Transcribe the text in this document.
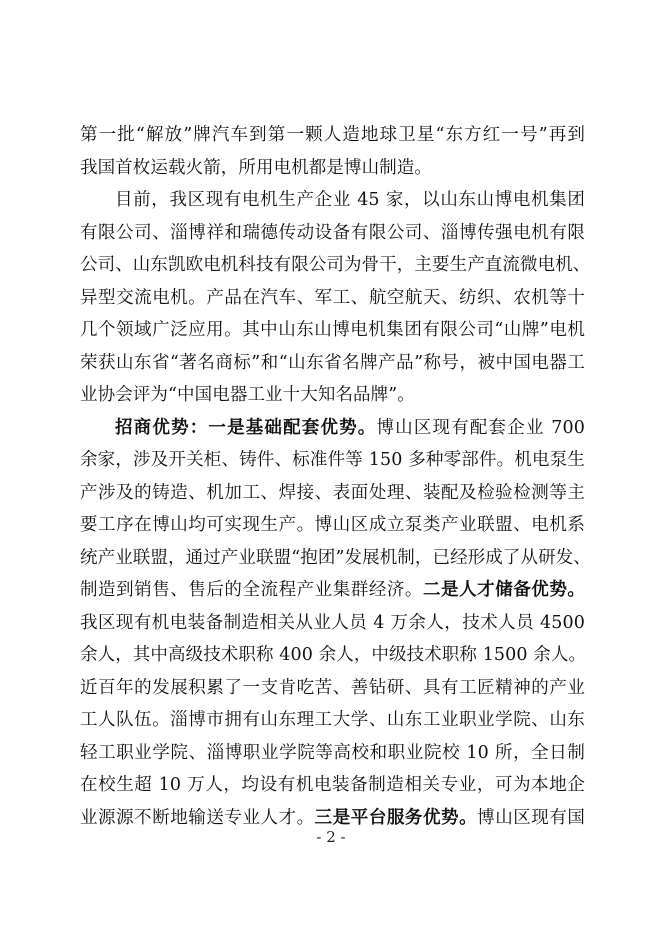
第一批“解放”牌汽车到第一颗人造地球卫星“东方红一号”再到
我国首枚运载火箭，所用电机都是博山制造。
目前，我区现有电机生产企业 45 家，以山东山博电机集团
有限公司、淄博祥和瑞德传动设备有限公司、淄博传强电机有限
公司、山东凯欧电机科技有限公司为骨干，主要生产直流微电机、
异型交流电机。产品在汽车、军工、航空航天、纺织、农机等十
几个领域广泛应用。其中山东山博电机集团有限公司“山牌”电机
荣获山东省“著名商标”和“山东省名牌产品”称号，被中国电器工
业协会评为“中国电器工业十大知名品牌”。
招商优势：一是基础配套优势。博山区现有配套企业 700
余家，涉及开关柜、铸件、标准件等 150 多种零部件。机电泵生
产涉及的铸造、机加工、焊接、表面处理、装配及检验检测等主
要工序在博山均可实现生产。博山区成立泵类产业联盟、电机系
统产业联盟，通过产业联盟“抱团”发展机制，已经形成了从研发、
制造到销售、售后的全流程产业集群经济。二是人才储备优势。
我区现有机电装备制造相关从业人员 4 万余人，技术人员 4500
余人，其中高级技术职称 400 余人，中级技术职称 1500 余人。
近百年的发展积累了一支肯吃苦、善钻研、具有工匠精神的产业
工人队伍。淄博市拥有山东理工大学、山东工业职业学院、山东
轻工职业学院、淄博职业学院等高校和职业院校 10 所，全日制
在校生超 10 万人，均设有机电装备制造相关专业，可为本地企
业源源不断地输送专业人才。三是平台服务优势。博山区现有国
- 2 -
